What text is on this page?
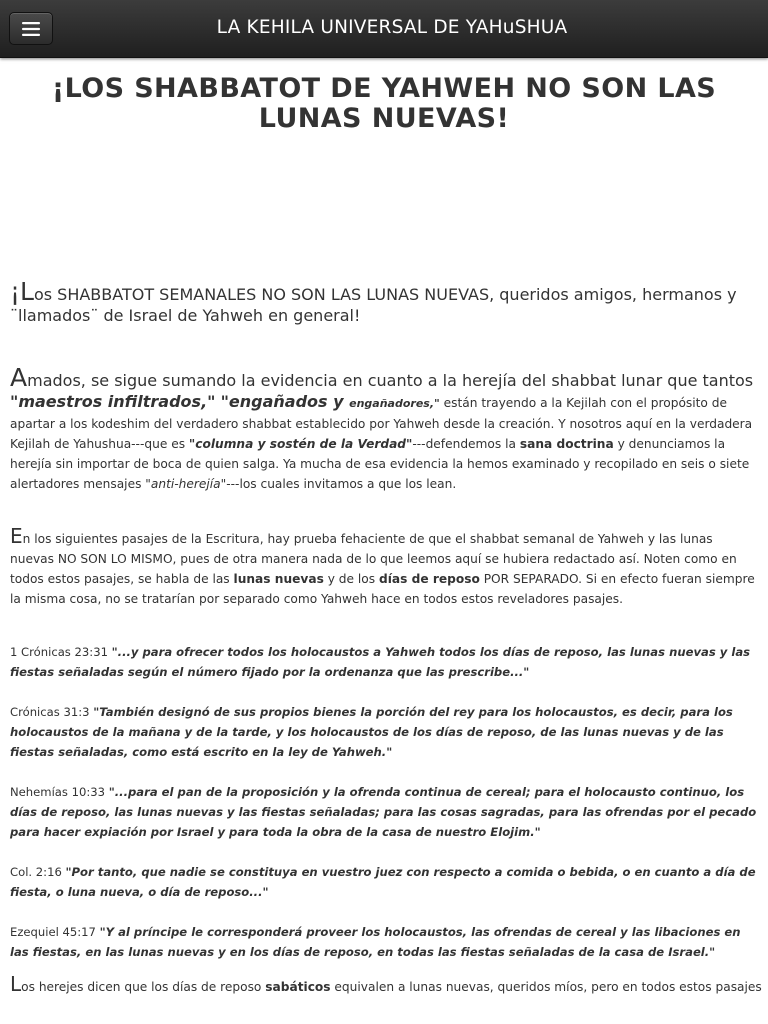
LA KEHILA UNIVERSAL DE YAHuSHUA
¡LOS SHABBATOT DE YAHWEH NO SON LAS LUNAS NUEVAS!
¡Los SHABBATOT SEMANALES NO SON LAS LUNAS NUEVAS, queridos amigos, hermanos y ¨llamados¨ de Israel de Yahweh en general!
Amados, se sigue sumando la evidencia en cuanto a la herejía del shabbat lunar que tantos "maestros infiltrados," "engañados y engañadores," están trayendo a la Kejilah con el propósito de apartar a los kodeshim del verdadero shabbat establecido por Yahweh desde la creación. Y nosotros aquí en la verdadera Kejilah de Yahushua---que es "columna y sostén de la Verdad"---defendemos la sana doctrina y denunciamos la herejía sin importar de boca de quien salga. Ya mucha de esa evidencia la hemos examinado y recopilado en seis o siete alertadores mensajes "anti-herejía"---los cuales invitamos a que los lean.
En los siguientes pasajes de la Escritura, hay prueba fehaciente de que el shabbat semanal de Yahweh y las lunas nuevas NO SON LO MISMO, pues de otra manera nada de lo que leemos aquí se hubiera redactado así. Noten como en todos estos pasajes, se habla de las lunas nuevas y de los días de reposo POR SEPARADO. Si en efecto fueran siempre la misma cosa, no se tratarían por separado como Yahweh hace en todos estos reveladores pasajes.
1 Crónicas 23:31 "...y para ofrecer todos los holocaustos a Yahweh todos los días de reposo, las lunas nuevas y las fiestas señaladas según el número fijado por la ordenanza que las prescribe..."
Crónicas 31:3 "También designó de sus propios bienes la porción del rey para los holocaustos, es decir, para los holocaustos de la mañana y de la tarde, y los holocaustos de los días de reposo, de las lunas nuevas y de las fiestas señaladas, como está escrito en la ley de Yahweh."
Nehemías 10:33 "...para el pan de la proposición y la ofrenda continua de cereal; para el holocausto continuo, los días de reposo, las lunas nuevas y las fiestas señaladas; para las cosas sagradas, para las ofrendas por el pecado para hacer expiación por Israel y para toda la obra de la casa de nuestro Elojim."
Col. 2:16 "Por tanto, que nadie se constituya en vuestro juez con respecto a comida o bebida, o en cuanto a día de fiesta, o luna nueva, o día de reposo..."
Ezequiel 45:17 "Y al príncipe le corresponderá proveer los holocaustos, las ofrendas de cereal y las libaciones en las fiestas, en las lunas nuevas y en los días de reposo, en todas las fiestas señaladas de la casa de Israel."
Los herejes dicen que los días de reposo sabáticos equivalen a lunas nuevas, queridos míos, pero en todos estos pasajes
